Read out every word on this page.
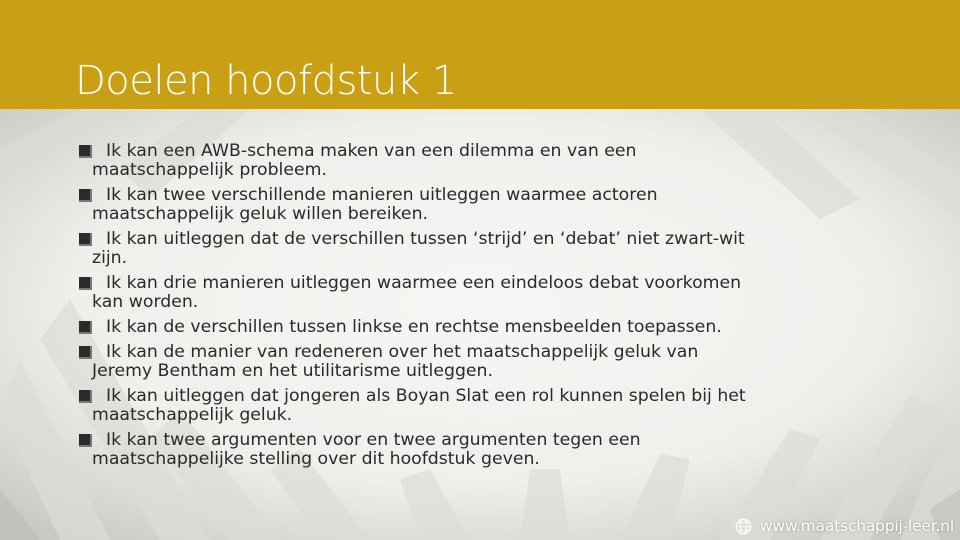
Doelen hoofdstuk 1
Ik kan een AWB-schema maken van een dilemma en van een
maatschappelijk probleem.
Ik kan twee verschillende manieren uitleggen waarmee actoren
maatschappelijk geluk willen bereiken.
Ik kan uitleggen dat de verschillen tussen ‘strijd’ en ‘debat’ niet zwart-wit
zijn.
Ik kan drie manieren uitleggen waarmee een eindeloos debat voorkomen
kan worden.
Ik kan de verschillen tussen linkse en rechtse mensbeelden toepassen.
Ik kan de manier van redeneren over het maatschappelijk geluk van
Jeremy Bentham en het utilitarisme uitleggen.
Ik kan uitleggen dat jongeren als Boyan Slat een rol kunnen spelen bij het
maatschappelijk geluk.
Ik kan twee argumenten voor en twee argumenten tegen een
maatschappelijke stelling over dit hoofdstuk geven.
www.maatschappij-leer.nl
